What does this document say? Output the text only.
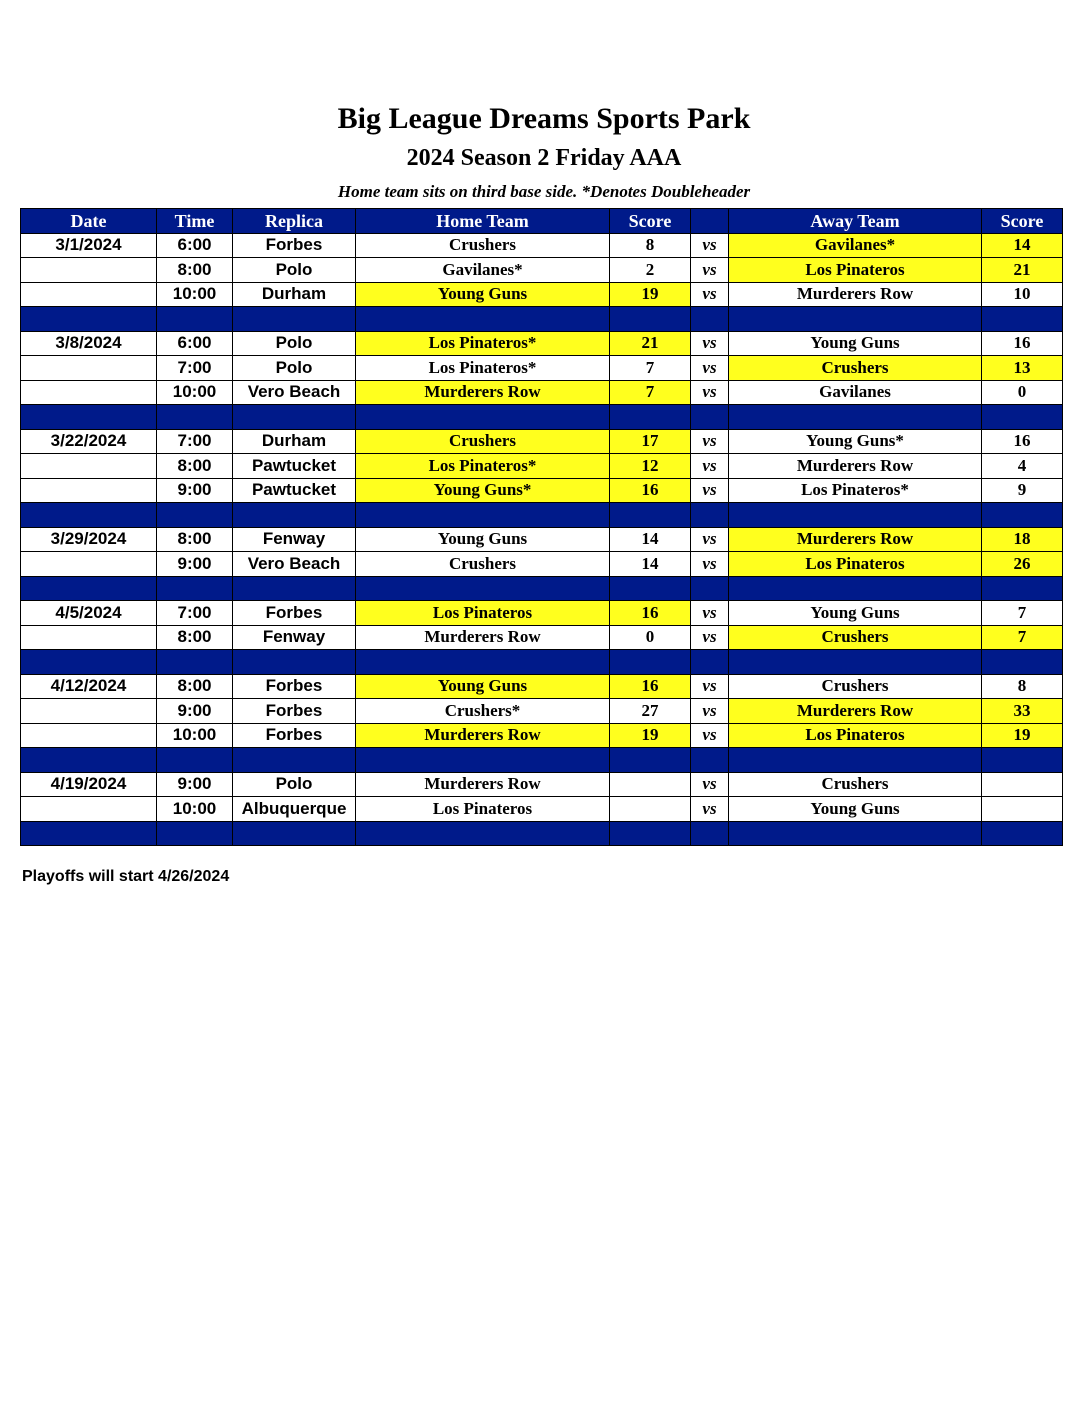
Big League Dreams Sports Park
2024 Season 2 Friday AAA
Home team sits on third base side. *Denotes Doubleheader
Date	Time	Replica	Home Team	Score		Away Team	Score
3/1/2024	6:00	Forbes	Crushers	8	vs	Gavilanes*	14
	8:00	Polo	Gavilanes*	2	vs	Los Pinateros	21
	10:00	Durham	Young Guns	19	vs	Murderers Row	10

3/8/2024	6:00	Polo	Los Pinateros*	21	vs	Young Guns	16
	7:00	Polo	Los Pinateros*	7	vs	Crushers	13
	10:00	Vero Beach	Murderers Row	7	vs	Gavilanes	0

3/22/2024	7:00	Durham	Crushers	17	vs	Young Guns*	16
	8:00	Pawtucket	Los Pinateros*	12	vs	Murderers Row	4
	9:00	Pawtucket	Young Guns*	16	vs	Los Pinateros*	9

3/29/2024	8:00	Fenway	Young Guns	14	vs	Murderers Row	18
	9:00	Vero Beach	Crushers	14	vs	Los Pinateros	26

4/5/2024	7:00	Forbes	Los Pinateros	16	vs	Young Guns	7
	8:00	Fenway	Murderers Row	0	vs	Crushers	7

4/12/2024	8:00	Forbes	Young Guns	16	vs	Crushers	8
	9:00	Forbes	Crushers*	27	vs	Murderers Row	33
	10:00	Forbes	Murderers Row	19	vs	Los Pinateros	19

4/19/2024	9:00	Polo	Murderers Row		vs	Crushers	
	10:00	Albuquerque	Los Pinateros		vs	Young Guns	

Playoffs will start 4/26/2024
